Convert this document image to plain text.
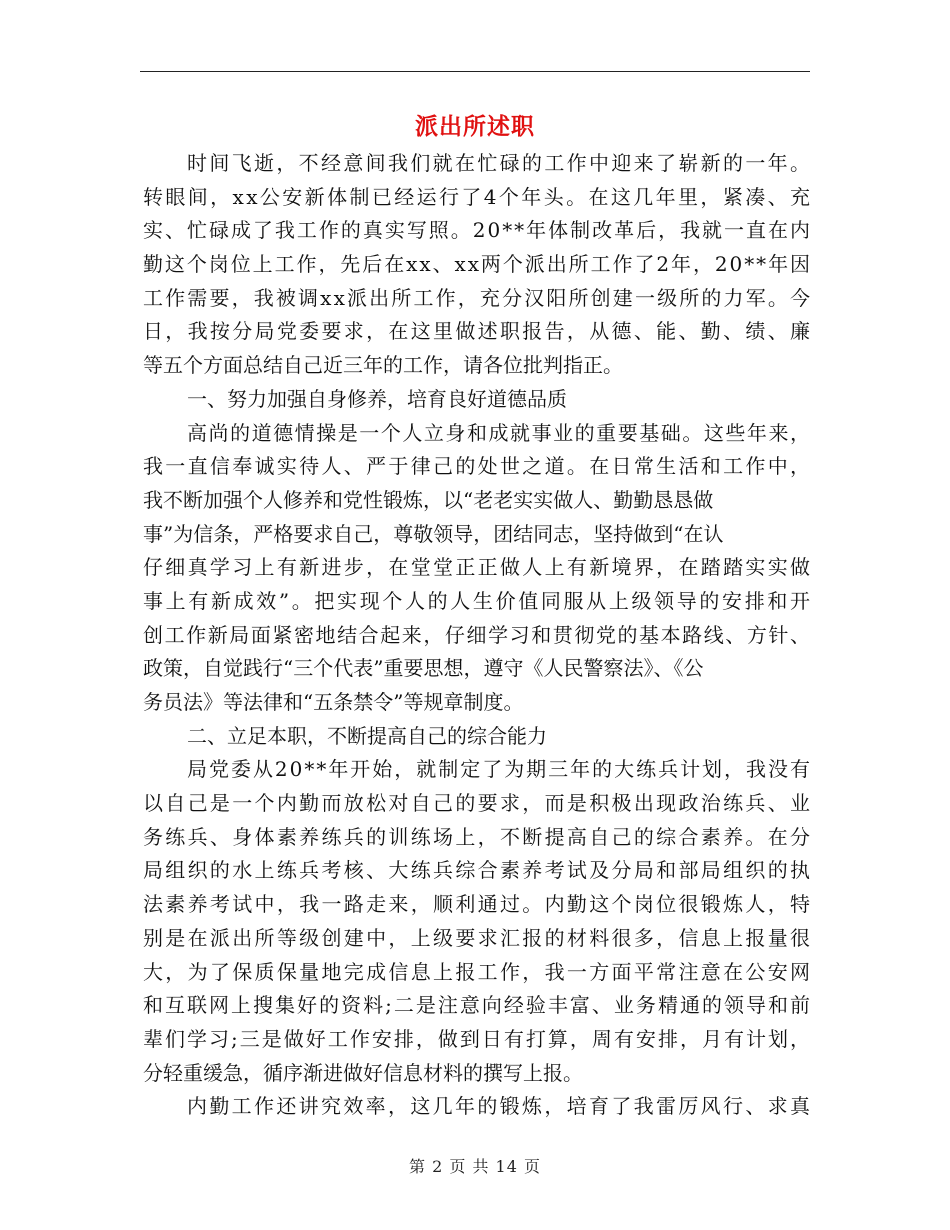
派出所述职
时间飞逝，不经意间我们就在忙碌的工作中迎来了崭新的一年。
转眼间，xx公安新体制已经运行了4个年头。在这几年里，紧凑、充
实、忙碌成了我工作的真实写照。20**年体制改革后，我就一直在内
勤这个岗位上工作，先后在xx、xx两个派出所工作了2年，20**年因
工作需要，我被调xx派出所工作，充分汉阳所创建一级所的力军。今
日，我按分局党委要求，在这里做述职报告，从德、能、勤、绩、廉
等五个方面总结自己近三年的工作，请各位批判指正。
一、努力加强自身修养，培育良好道德品质
高尚的道德情操是一个人立身和成就事业的重要基础。这些年来，
我一直信奉诚实待人、严于律己的处世之道。在日常生活和工作中，
我不断加强个人修养和党性锻炼，以“老老实实做人、勤勤恳恳做
事”为信条，严格要求自己，尊敬领导，团结同志，坚持做到“在认
仔细真学习上有新进步，在堂堂正正做人上有新境界，在踏踏实实做
事上有新成效”。把实现个人的人生价值同服从上级领导的安排和开
创工作新局面紧密地结合起来，仔细学习和贯彻党的基本路线、方针、
政策，自觉践行“三个代表”重要思想，遵守《人民警察法》、《公
务员法》等法律和“五条禁令”等规章制度。
二、立足本职，不断提高自己的综合能力
局党委从20**年开始，就制定了为期三年的大练兵计划，我没有
以自己是一个内勤而放松对自己的要求，而是积极出现政治练兵、业
务练兵、身体素养练兵的训练场上，不断提高自己的综合素养。在分
局组织的水上练兵考核、大练兵综合素养考试及分局和部局组织的执
法素养考试中，我一路走来，顺利通过。内勤这个岗位很锻炼人，特
别是在派出所等级创建中，上级要求汇报的材料很多，信息上报量很
大，为了保质保量地完成信息上报工作，我一方面平常注意在公安网
和互联网上搜集好的资料;二是注意向经验丰富、业务精通的领导和前
辈们学习;三是做好工作安排，做到日有打算，周有安排，月有计划，
分轻重缓急，循序渐进做好信息材料的撰写上报。
内勤工作还讲究效率，这几年的锻炼，培育了我雷厉风行、求真
第 2 页 共 14 页
